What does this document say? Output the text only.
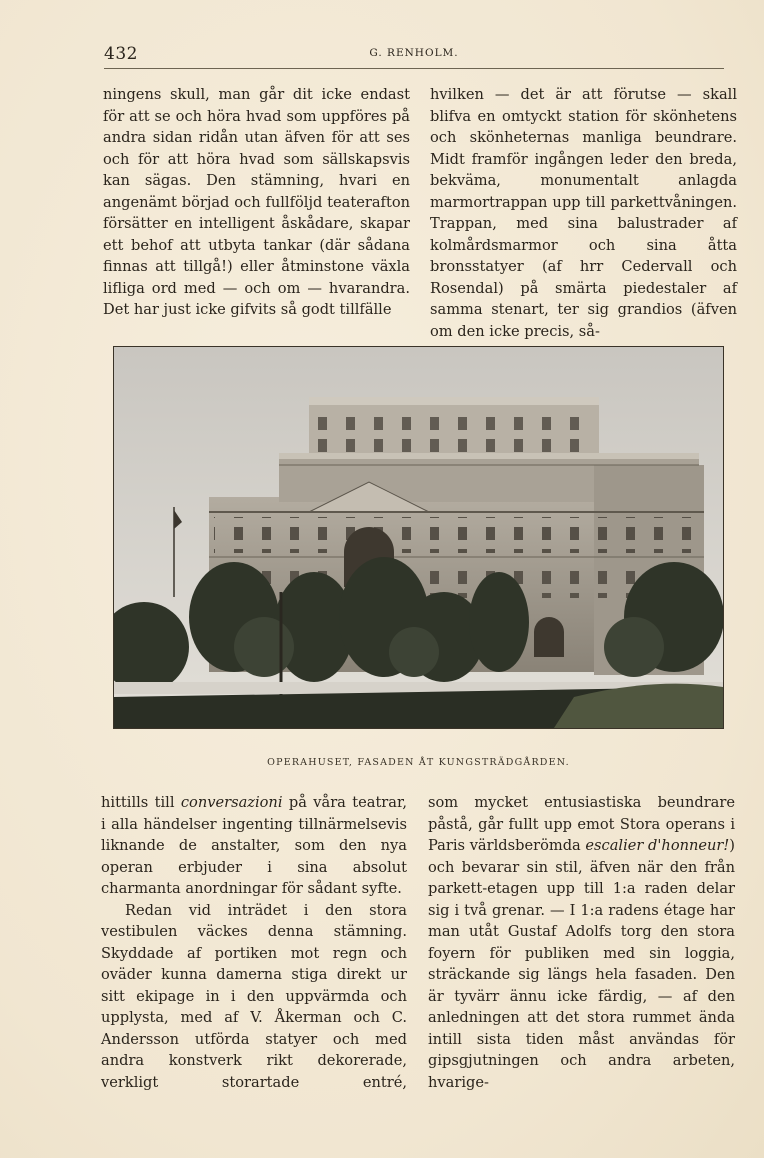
432	G. RENHOLM.

ningens skull, man går dit icke endast för att se och höra hvad som uppföres på andra sidan ridån utan äfven för att ses och för att höra hvad som sällskapsvis kan sägas. Den stämning, hvari en angenämt börjad och fullföljd teaterafton försätter en intelligent åskådare, skapar ett behof att utbyta tankar (där sådana finnas att tillgå!) eller åtminstone växla lifliga ord med — och om — hvarandra. Det har just icke gifvits så godt tillfälle

hvilken — det är att förutse — skall blifva en omtyckt station för skönhetens och skönheternas manliga beundrare. Midt framför ingången leder den breda, bekväma, monumentalt anlagda marmortrappan upp till parkettvåningen. Trappan, med sina balustrader af kolmårdsmarmor och sina åtta bronsstatyer (af hrr Cedervall och Rosendal) på smärta piedestaler af samma stenart, ter sig grandios (äfven om den icke precis, så-

OPERAHUSET, FASADEN ÅT KUNGSTRÄDGÅRDEN.

hittills till conversazioni på våra teatrar, i alla händelser ingenting tillnärmelsevis liknande de anstalter, som den nya operan erbjuder i sina absolut charmanta anordningar för sådant syfte.

Redan vid inträdet i den stora vestibulen väckes denna stämning. Skyddade af portiken mot regn och oväder kunna damerna stiga direkt ur sitt ekipage in i den uppvärmda och upplysta, med af V. Åkerman och C. Andersson utförda statyer och med andra konstverk rikt dekorerade, verkligt storartade entré,

som mycket entusiastiska beundrare påstå, går fullt upp emot Stora operans i Paris världsberömda escalier d'honneur!) och bevarar sin stil, äfven när den från parkett-etagen upp till 1:a raden delar sig i två grenar. — I 1:a radens étage har man utåt Gustaf Adolfs torg den stora foyern för publiken med sin loggia, sträckande sig längs hela fasaden. Den är tyvärr ännu icke färdig, — af den anledningen att det stora rummet ända intill sista tiden måst användas för gipsgjutningen och andra arbeten, hvarige-
